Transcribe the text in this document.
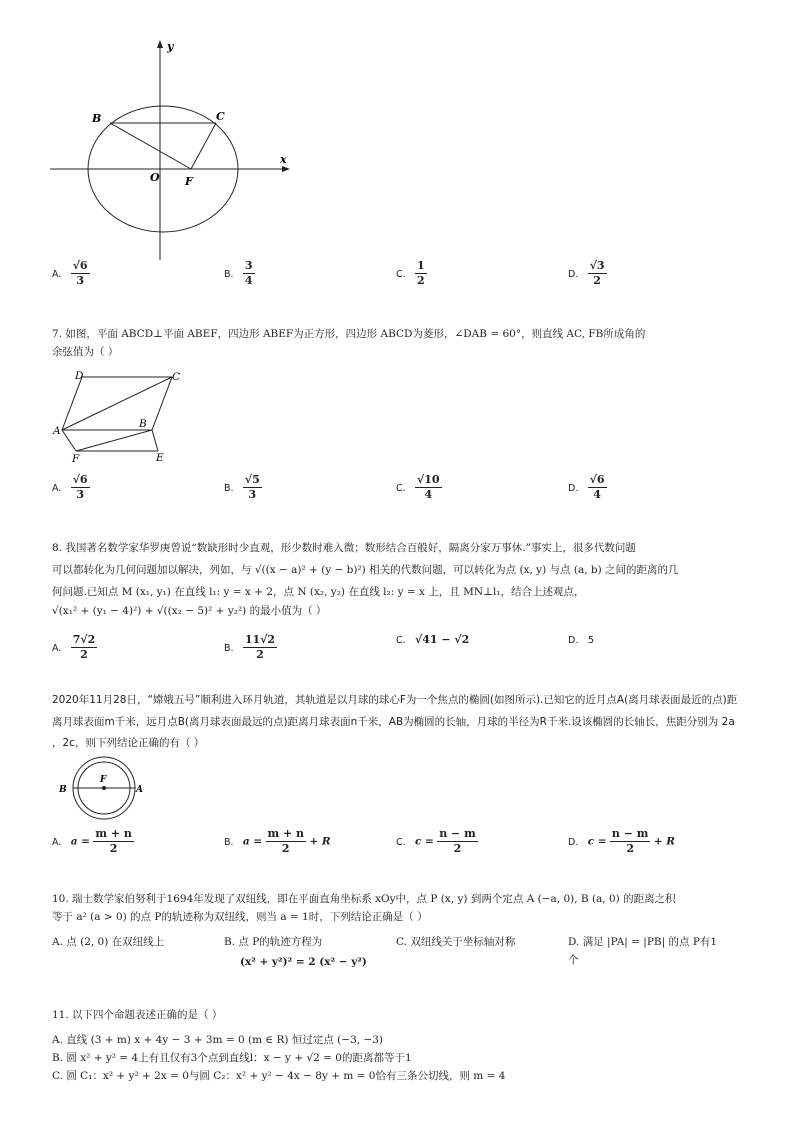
y
x
O
B	C
F
A. $\frac{√6}{3}$	B. $\frac{3}{4}$	C. $\frac{1}{2}$	D. $\frac{√3}{2}$
7. 如图，平面 ABCD⊥平面 ABEF，四边形 ABEF为正方形，四边形 ABCD为菱形，∠DAB = 60°，则直线 AC, FB所成角的
余弦值为（ ）
D	C
A
B
F	E
A. $\frac{√6}{3}$	B. $\frac{√5}{3}$	C. $\frac{√10}{4}$	D. $\frac{√6}{4}$
8. 我国著名数学家华罗庚曾说“数缺形时少直观，形少数时难入微；数形结合百般好，隔离分家万事休.”事实上，很多代数问题
可以都转化为几何问题加以解决，列如，与 √((x − a)² + (y − b)²) 相关的代数问题，可以转化为点 (x, y) 与点 (a, b) 之间的距离的几
何问题.已知点 M (x₁, y₁) 在直线 l₁: y = x + 2，点 N (x₂, y₂) 在直线 l₂: y = x 上，且 MN⊥l₁，结合上述观点，
√(x₁² + (y₁ − 4)²) + √((x₂ − 5)² + y₂²) 的最小值为（ ）
A. $\frac{7√2}{2}$	B. $\frac{11√2}{2}$	C. √41 − √2	D. 5
2020年11月28日，“嫦娥五号”顺利进入环月轨道，其轨道是以月球的球心F为一个焦点的椭圆(如图所示).已知它的近月点A(离月球表面最近的点)距
离月球表面m千米，远月点B(离月球表面最远的点)距离月球表面n千米，AB为椭圆的长轴，月球的半径为R千米.设该椭圆的长轴长，焦距分别为 2a
，2c，则下列结论正确的有（ ）
F
B	A
A. $a = \frac{m + n}{2}$	B. $a = \frac{m + n}{2} + R$	C. $c = \frac{n - m}{2}$	D. $c = \frac{n - m}{2} + R$
10. 瑞士数学家伯努利于1694年发现了双纽线，即在平面直角坐标系 xOy中，点 P (x, y) 到两个定点 A (−a, 0), B (a, 0) 的距离之积
等于 a² (a > 0) 的点 P的轨迹称为双纽线，则当 a = 1时，下列结论正确是（ ）
A. 点 (2, 0) 在双纽线上	B. 点 P的轨迹方程为
(x² + y²)² = 2 (x² − y²)
C. 双纽线关于坐标轴对称	D. 满足 |PA| = |PB| 的点 P有1
个
11. 以下四个命题表述正确的是（ ）
A. 直线 (3 + m) x + 4y − 3 + 3m = 0 (m ∈ R) 恒过定点 (−3, −3)
B. 圆 x² + y² = 4上有且仅有3个点到直线l：x − y + √2 = 0的距离都等于1
C. 圆 C₁：x² + y² + 2x = 0与圆 C₂：x² + y² − 4x − 8y + m = 0恰有三条公切线，则 m = 4
